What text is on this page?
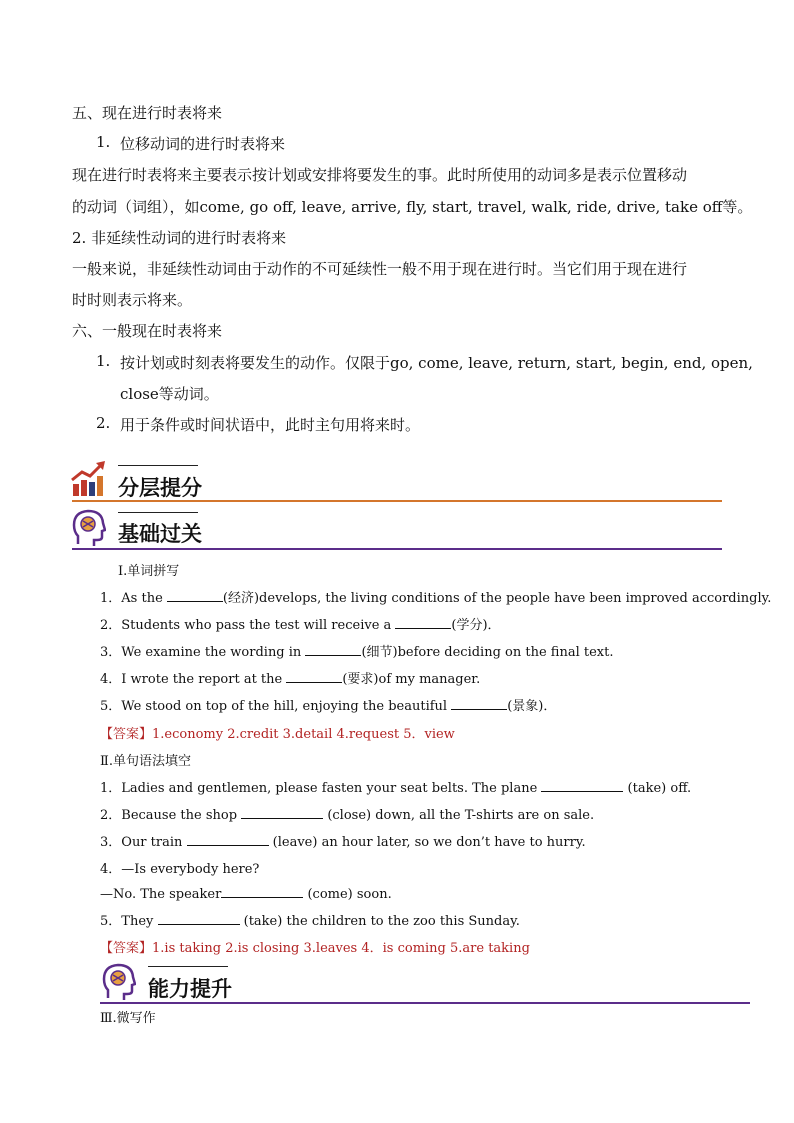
五、现在进行时表将来
1. 位移动词的进行时表将来
现在进行时表将来主要表示按计划或安排将要发生的事。此时所使用的动词多是表示位置移动
的动词（词组），如come, go off, leave, arrive, fly, start, travel, walk, ride, drive, take off等。
2. 非延续性动词的进行时表将来
一般来说，非延续性动词由于动作的不可延续性一般不用于现在进行时。当它们用于现在进行
时时则表示将来。
六、一般现在时表将来
1. 按计划或时刻表将要发生的动作。仅限于go, come, leave, return, start, begin, end, open,
close等动词。
2. 用于条件或时间状语中，此时主句用将来时。
分层提分
基础过关
Ⅰ.单词拼写
1．As the	(经济)develops, the living conditions of the people have been improved accordingly.
2．Students who pass the test will receive a	(学分)．
3．We examine the wording in	(细节)before deciding on the final text.
4．I wrote the report at the	(要求)of my manager.
5．We stood on top of the hill, enjoying the beautiful	(景象)．
【答案】1.economy 2.credit 3.detail 4.request 5．view
Ⅱ.单句语法填空
1．Ladies and gentlemen, please fasten your seat belts. The plane	(take) off.
2．Because the shop	(close) down, all the T-shirts are on sale.
3．Our train	(leave) an hour later, so we don’t have to hurry.
4．—Is everybody here?
—No. The speaker	(come) soon.
5．They	(take) the children to the zoo this Sunday.
【答案】1.is taking 2.is closing 3.leaves 4．is coming 5.are taking
能力提升
Ⅲ.微写作
